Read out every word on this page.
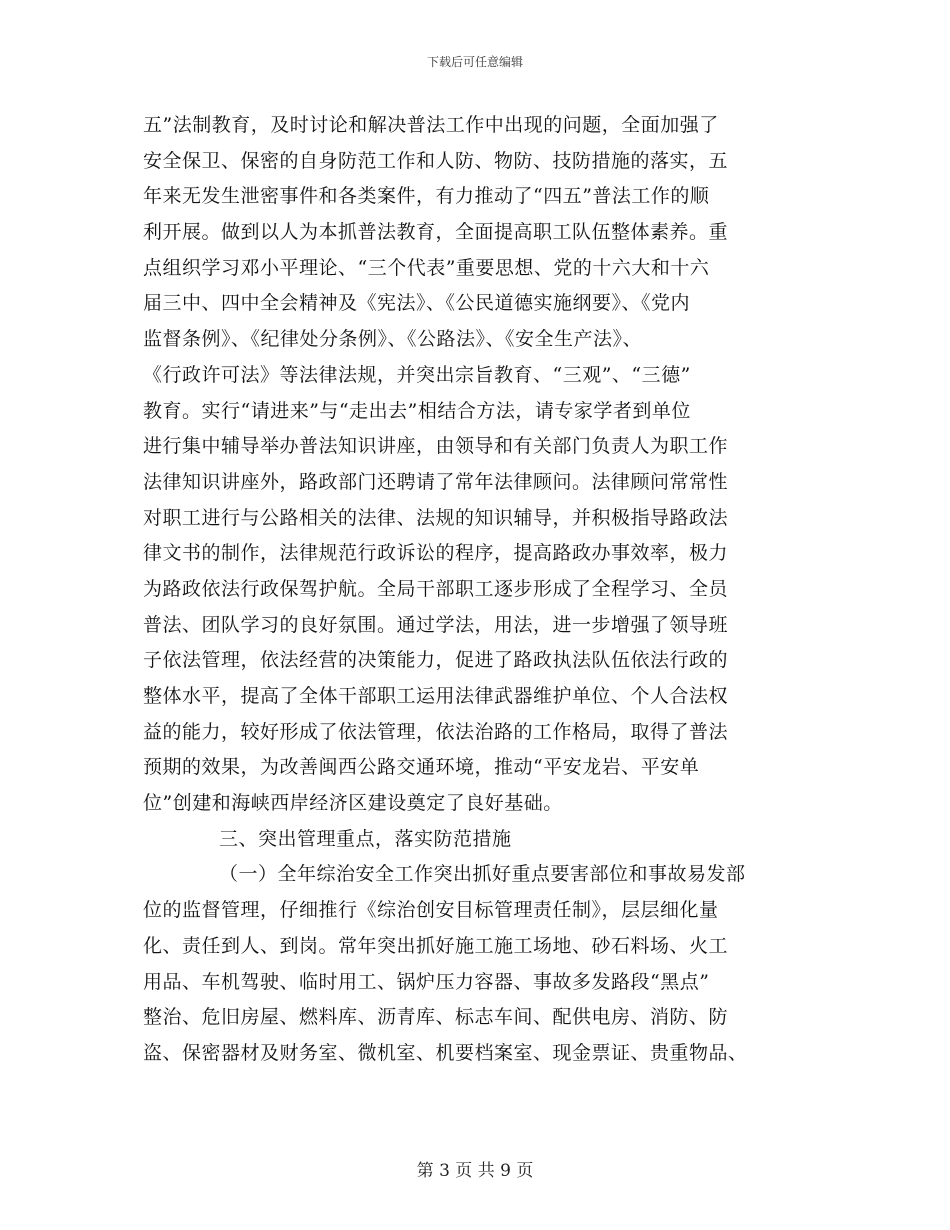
下载后可任意编辑
五”法制教育，及时讨论和解决普法工作中出现的问题，全面加强了
安全保卫、保密的自身防范工作和人防、物防、技防措施的落实，五
年来无发生泄密事件和各类案件，有力推动了“四五”普法工作的顺
利开展。做到以人为本抓普法教育，全面提高职工队伍整体素养。重
点组织学习邓小平理论、“三个代表”重要思想、党的十六大和十六
届三中、四中全会精神及《宪法》、《公民道德实施纲要》、《党内
监督条例》、《纪律处分条例》、《公路法》、《安全生产法》、
《行政许可法》等法律法规，并突出宗旨教育、“三观”、“三德”
教育。实行“请进来”与“走出去”相结合方法，请专家学者到单位
进行集中辅导举办普法知识讲座，由领导和有关部门负责人为职工作
法律知识讲座外，路政部门还聘请了常年法律顾问。法律顾问常常性
对职工进行与公路相关的法律、法规的知识辅导，并积极指导路政法
律文书的制作，法律规范行政诉讼的程序，提高路政办事效率，极力
为路政依法行政保驾护航。全局干部职工逐步形成了全程学习、全员
普法、团队学习的良好氛围。通过学法，用法，进一步增强了领导班
子依法管理，依法经营的决策能力，促进了路政执法队伍依法行政的
整体水平，提高了全体干部职工运用法律武器维护单位、个人合法权
益的能力，较好形成了依法管理，依法治路的工作格局，取得了普法
预期的效果，为改善闽西公路交通环境，推动“平安龙岩、平安单
位”创建和海峡西岸经济区建设奠定了良好基础。
三、突出管理重点，落实防范措施
（一）全年综治安全工作突出抓好重点要害部位和事故易发部
位的监督管理，仔细推行《综治创安目标管理责任制》，层层细化量
化、责任到人、到岗。常年突出抓好施工施工场地、砂石料场、火工
用品、车机驾驶、临时用工、锅炉压力容器、事故多发路段“黑点”
整治、危旧房屋、燃料库、沥青库、标志车间、配供电房、消防、防
盗、保密器材及财务室、微机室、机要档案室、现金票证、贵重物品、
第 3 页 共 9 页
